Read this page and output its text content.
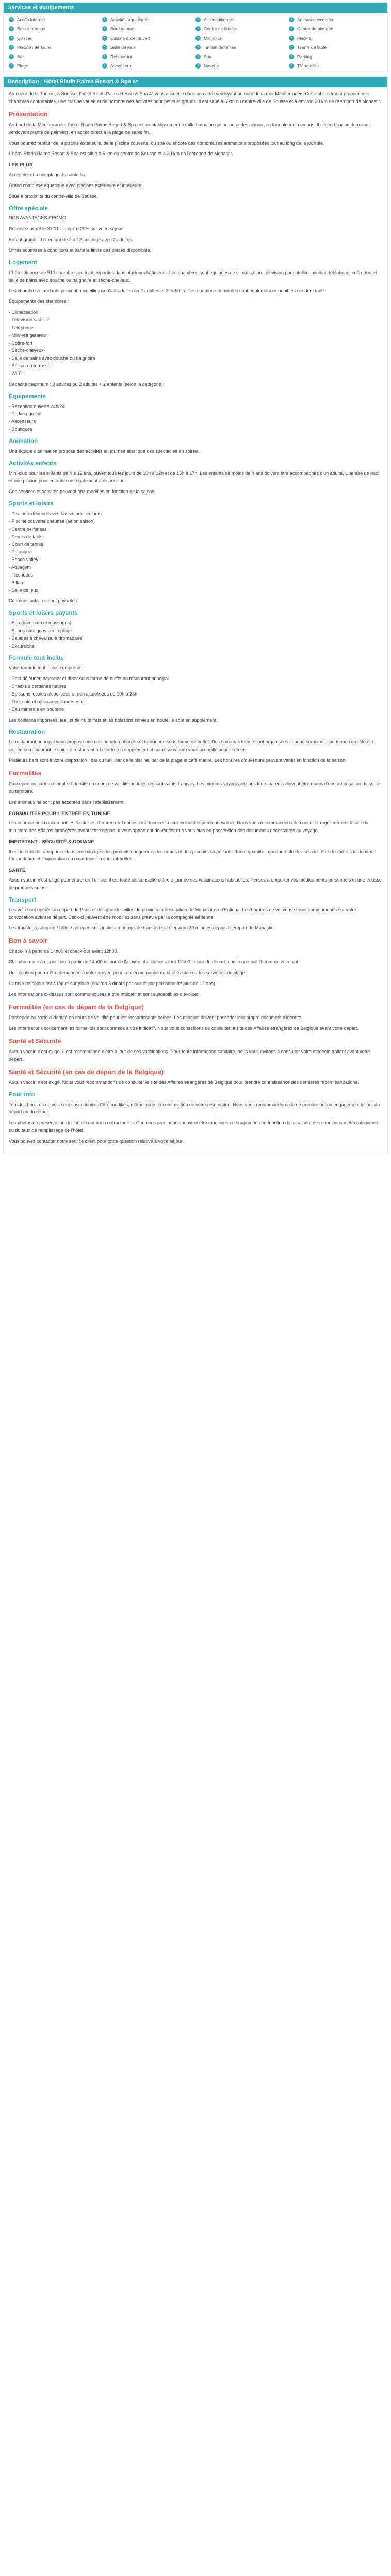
Services et équipements
•	Accès Internet	•	Activités aquatiques	•	Air-conditionné	•	Animaux acceptés
•	Bain à remous	•	Bord de mer	•	Centre de fitness	•	Centre de plongée
•	Cuisine	•	Cuisine à ciel ouvert	•	Mini club	•	Piscine
•	Piscine intérieure	•	Salle de jeux	•	Terrain de tennis	•	Tennis de table
•	Bar	•	Restaurant	•	Spa	•	Parking
•	Plage	•	Ascenseur	•	Navette	•	TV satellite
Description - Hôtel Riadh Palms Resort & Spa 4*

Au coeur de la Tunisie, à Sousse, l'hôtel Riadh Palms Resort & Spa 4* vous accueille dans un cadre verdoyant au bord de la mer Méditerranée. Cet établissement propose des chambres confortables, une cuisine variée et de nombreuses activités pour petits et grands. Il est situé à 6 km du centre-ville de Sousse et à environ 20 km de l'aéroport de Monastir.

Présentation

Au bord de la Méditerranée, l'hôtel Riadh Palms Resort & Spa est un établissement à taille humaine qui propose des séjours en formule tout compris. Il s'étend sur un domaine verdoyant planté de palmiers, en accès direct à la plage de sable fin.

Vous pourrez profiter de la piscine extérieure, de la piscine couverte, du spa ou encore des nombreuses animations proposées tout au long de la journée.

L'hôtel Riadh Palms Resort & Spa est situé à 6 km du centre de Sousse et à 20 km de l'aéroport de Monastir.

LES PLUS

Accès direct à une plage de sable fin.

Grand complexe aquatique avec piscines extérieure et intérieure.

Situé à proximité du centre-ville de Sousse.

Offre spéciale

NOS AVANTAGES PROMO

Réservez avant le 31/01 : jusqu'à -20% sur votre séjour.

Enfant gratuit : 1er enfant de 2 à 12 ans logé avec 2 adultes.

Offres soumises à conditions et dans la limite des places disponibles.

Logement

L'hôtel dispose de 510 chambres au total, réparties dans plusieurs bâtiments. Les chambres sont équipées de climatisation, télévision par satellite, minibar, téléphone, coffre-fort et salle de bains avec douche ou baignoire et sèche-cheveux.

Les chambres standards peuvent accueillir jusqu'à 3 adultes ou 2 adultes et 2 enfants. Des chambres familiales sont également disponibles sur demande.

Équipements des chambres :

- Climatisation
- Télévision satellite
- Téléphone
- Mini-réfrigérateur
- Coffre-fort
- Sèche-cheveux
- Salle de bains avec douche ou baignoire
- Balcon ou terrasse
- Wi-Fi

Capacité maximum : 3 adultes ou 2 adultes + 2 enfants (selon la catégorie).

Équipements
- Réception ouverte 24h/24
- Parking gratuit
- Ascenseurs
- Boutiques
Animation

Une équipe d'animation propose des activités en journée ainsi que des spectacles en soirée.

Activités enfants

Mini-club pour les enfants de 4 à 12 ans, ouvert tous les jours de 10h à 12h et de 15h à 17h. Les enfants de moins de 4 ans doivent être accompagnés d'un adulte. Une aire de jeux et une piscine pour enfants sont également à disposition.

Ces services et activités peuvent être modifiés en fonction de la saison.

Sports et loisirs
- Piscine extérieure avec bassin pour enfants
- Piscine couverte chauffée (selon saison)
- Centre de fitness
- Tennis de table
- Court de tennis
- Pétanque
- Beach-volley
- Aquagym
- Fléchettes
- Billard
- Salle de jeux

Certaines activités sont payantes.

Sports et loisirs payants
- Spa (hammam et massages)
- Sports nautiques sur la plage
- Balades à cheval ou à dromadaire
- Excursions
Formule tout inclus

Votre formule tout inclus comprend :

- Petit-déjeuner, déjeuner et dîner sous forme de buffet au restaurant principal
- Snacks à certaines heures
- Boissons locales alcoolisées et non alcoolisées de 10h à 23h
- Thé, café et pâtisseries l'après-midi
- Eau minérale en bouteille

Les boissons importées, les jus de fruits frais et les boissons servies en bouteille sont en supplément.

Restauration

Le restaurant principal vous propose une cuisine internationale et tunisienne sous forme de buffet. Des soirées à thème sont organisées chaque semaine. Une tenue correcte est exigée au restaurant le soir. Le restaurant à la carte (en supplément et sur réservation) vous accueille pour le dîner.

Plusieurs bars sont à votre disposition : bar du hall, bar de la piscine, bar de la plage et café maure. Les horaires d'ouverture peuvent varier en fonction de la saison.

Formalités

Passeport ou carte nationale d'identité en cours de validité pour les ressortissants français. Les mineurs voyageant sans leurs parents doivent être munis d'une autorisation de sortie du territoire.

Les animaux ne sont pas acceptés dans l'établissement.

FORMALITÉS POUR L'ENTRÉE EN TUNISIE

Les informations concernant les formalités d'entrée en Tunisie sont données à titre indicatif et peuvent évoluer. Nous vous recommandons de consulter régulièrement le site du ministère des Affaires étrangères avant votre départ. Il vous appartient de vérifier que vous êtes en possession des documents nécessaires au voyage.

IMPORTANT : SÉCURITÉ & DOUANE

Il est interdit de transporter dans vos bagages des produits dangereux, des armes et des produits stupéfiants. Toute quantité importante de devises doit être déclarée à la douane. L'importation et l'exportation du dinar tunisien sont interdites.

SANTÉ

Aucun vaccin n'est exigé pour entrer en Tunisie. Il est toutefois conseillé d'être à jour de ses vaccinations habituelles. Pensez à emporter vos médicaments personnels et une trousse de premiers soins.

Transport

Les vols sont opérés au départ de Paris et des grandes villes de province à destination de Monastir ou d'Enfidha. Les horaires de vol vous seront communiqués sur votre convocation avant le départ. Ceux-ci peuvent être modifiés sans préavis par la compagnie aérienne.

Les transferts aéroport / hôtel / aéroport sont inclus. Le temps de transfert est d'environ 30 minutes depuis l'aéroport de Monastir.

Bon à savoir

Check-in à partir de 14h00 et check-out avant 12h00.

Chambre mise à disposition à partir de 14h00 le jour de l'arrivée et à libérer avant 12h00 le jour du départ, quelle que soit l'heure de votre vol.

Une caution pourra être demandée à votre arrivée pour la télécommande de la télévision ou les serviettes de plage.

La taxe de séjour est à régler sur place (environ 3 dinars par nuit et par personne de plus de 12 ans).

Les informations ci-dessus sont communiquées à titre indicatif et sont susceptibles d'évoluer.

Formalités (en cas de départ de la Belgique)

Passeport ou carte d'identité en cours de validité pour les ressortissants belges. Les mineurs doivent posséder leur propre document d'identité.

Les informations concernant les formalités sont données à titre indicatif. Nous vous conseillons de consulter le site des Affaires étrangères de Belgique avant votre départ.

Santé et Sécurité

Aucun vaccin n'est exigé. Il est recommandé d'être à jour de ses vaccinations. Pour toute information sanitaire, nous vous invitons à consulter votre médecin traitant avant votre départ.

Santé et Sécurité (en cas de départ de la Belgique)

Aucun vaccin n'est exigé. Nous vous recommandons de consulter le site des Affaires étrangères de Belgique pour prendre connaissance des dernières recommandations.

Pour info

Tous les horaires de vols sont susceptibles d'être modifiés, même après la confirmation de votre réservation. Nous vous recommandons de ne prendre aucun engagement le jour du départ ou du retour.

Les photos de présentation de l'hôtel sont non contractuelles. Certaines prestations peuvent être modifiées ou supprimées en fonction de la saison, des conditions météorologiques ou du taux de remplissage de l'hôtel.

Vous pouvez contacter notre service client pour toute question relative à votre séjour.
